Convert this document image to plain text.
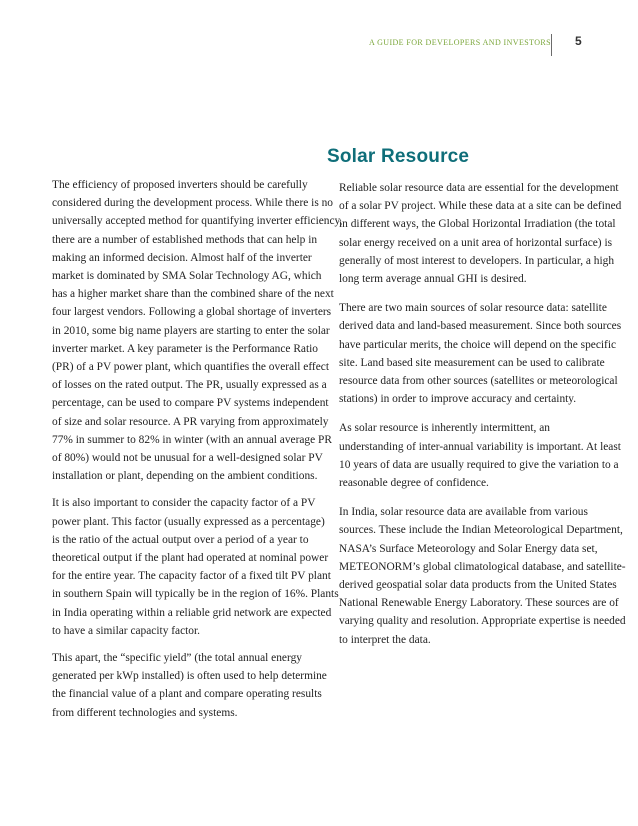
A GUIDE FOR DEVELOPERS AND INVESTORS 5
Solar Resource

The efficiency of proposed inverters should be carefully
considered during the development process. While there is no
universally accepted method for quantifying inverter efficiency,
there are a number of established methods that can help in
making an informed decision. Almost half of the inverter
market is dominated by SMA Solar Technology AG, which
has a higher market share than the combined share of the next
four largest vendors. Following a global shortage of inverters
in 2010, some big name players are starting to enter the solar
inverter market. A key parameter is the Performance Ratio
(PR) of a PV power plant, which quantifies the overall effect
of losses on the rated output. The PR, usually expressed as a
percentage, can be used to compare PV systems independent
of size and solar resource. A PR varying from approximately
77% in summer to 82% in winter (with an annual average PR
of 80%) would not be unusual for a well-designed solar PV
installation or plant, depending on the ambient conditions.

It is also important to consider the capacity factor of a PV
power plant. This factor (usually expressed as a percentage)
is the ratio of the actual output over a period of a year to
theoretical output if the plant had operated at nominal power
for the entire year. The capacity factor of a fixed tilt PV plant
in southern Spain will typically be in the region of 16%. Plants
in India operating within a reliable grid network are expected
to have a similar capacity factor.

This apart, the “specific yield” (the total annual energy
generated per kWp installed) is often used to help determine
the financial value of a plant and compare operating results
from different technologies and systems.

Reliable solar resource data are essential for the development
of a solar PV project. While these data at a site can be defined
in different ways, the Global Horizontal Irradiation (the total
solar energy received on a unit area of horizontal surface) is
generally of most interest to developers. In particular, a high
long term average annual GHI is desired.

There are two main sources of solar resource data: satellite
derived data and land-based measurement. Since both sources
have particular merits, the choice will depend on the specific
site. Land based site measurement can be used to calibrate
resource data from other sources (satellites or meteorological
stations) in order to improve accuracy and certainty.

As solar resource is inherently intermittent, an
understanding of inter-annual variability is important. At least
10 years of data are usually required to give the variation to a
reasonable degree of confidence.

In India, solar resource data are available from various
sources. These include the Indian Meteorological Department,
NASA’s Surface Meteorology and Solar Energy data set,
METEONORM’s global climatological database, and satellite-
derived geospatial solar data products from the United States
National Renewable Energy Laboratory. These sources are of
varying quality and resolution. Appropriate expertise is needed
to interpret the data.
